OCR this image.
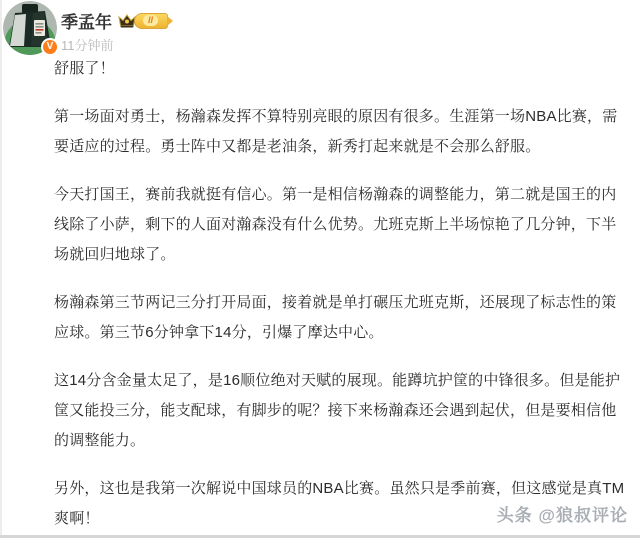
V
季孟年	II
11分钟前

舒服了！

第一场面对勇士，杨瀚森发挥不算特别亮眼的原因有很多。生涯第一场NBA比赛，需要适应的过程。勇士阵中又都是老油条，新秀打起来就是不会那么舒服。

今天打国王，赛前我就挺有信心。第一是相信杨瀚森的调整能力，第二就是国王的内线除了小萨，剩下的人面对瀚森没有什么优势。尤班克斯上半场惊艳了几分钟，下半场就回归地球了。

杨瀚森第三节两记三分打开局面，接着就是单打碾压尤班克斯，还展现了标志性的策应球。第三节6分钟拿下14分，引爆了摩达中心。

这14分含金量太足了，是16顺位绝对天赋的展现。能蹲坑护筐的中锋很多。但是能护筐又能投三分，能支配球，有脚步的呢？接下来杨瀚森还会遇到起伏，但是要相信他的调整能力。

另外，这也是我第一次解说中国球员的NBA比赛。虽然只是季前赛，但这感觉是真TM爽啊！	头条 @狼叔评论
